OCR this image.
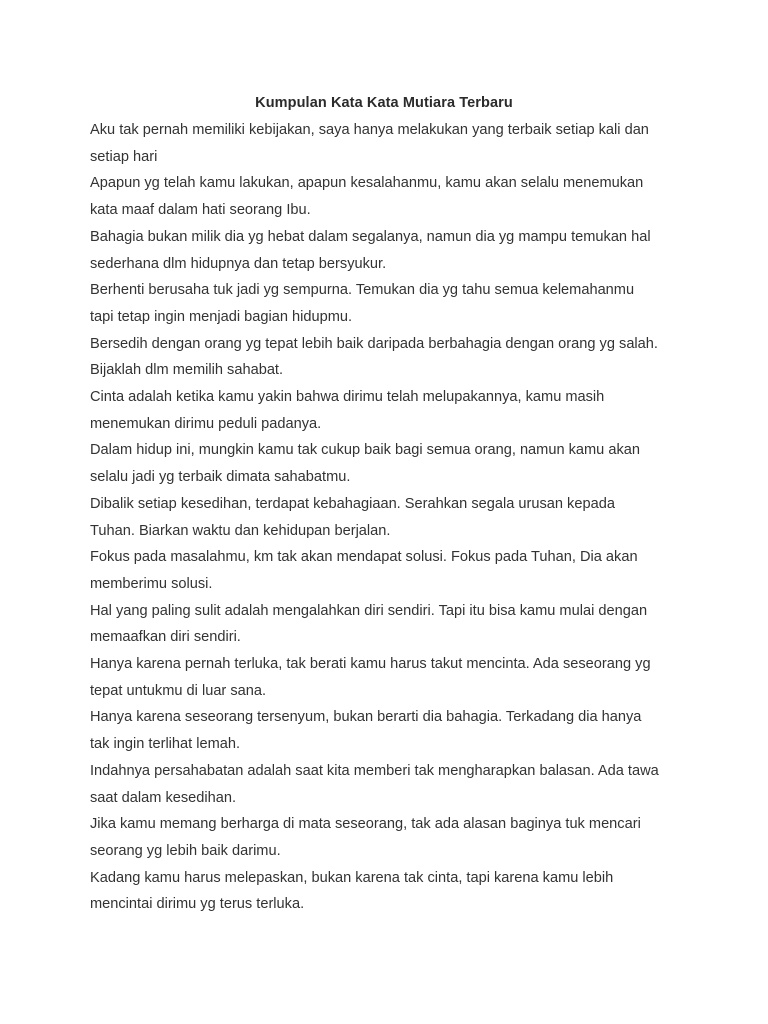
Kumpulan Kata Kata Mutiara Terbaru

Aku tak pernah memiliki kebijakan, saya hanya melakukan yang terbaik setiap kali dan
setiap hari

Apapun yg telah kamu lakukan, apapun kesalahanmu, kamu akan selalu menemukan
kata maaf dalam hati seorang Ibu.

Bahagia bukan milik dia yg hebat dalam segalanya, namun dia yg mampu temukan hal
sederhana dlm hidupnya dan tetap bersyukur.

Berhenti berusaha tuk jadi yg sempurna. Temukan dia yg tahu semua kelemahanmu
tapi tetap ingin menjadi bagian hidupmu.

Bersedih dengan orang yg tepat lebih baik daripada berbahagia dengan orang yg salah.
Bijaklah dlm memilih sahabat.

Cinta adalah ketika kamu yakin bahwa dirimu telah melupakannya, kamu masih
menemukan dirimu peduli padanya.

Dalam hidup ini, mungkin kamu tak cukup baik bagi semua orang, namun kamu akan
selalu jadi yg terbaik dimata sahabatmu.

Dibalik setiap kesedihan, terdapat kebahagiaan. Serahkan segala urusan kepada
Tuhan. Biarkan waktu dan kehidupan berjalan.

Fokus pada masalahmu, km tak akan mendapat solusi. Fokus pada Tuhan, Dia akan
memberimu solusi.

Hal yang paling sulit adalah mengalahkan diri sendiri. Tapi itu bisa kamu mulai dengan
memaafkan diri sendiri.

Hanya karena pernah terluka, tak berati kamu harus takut mencinta. Ada seseorang yg
tepat untukmu di luar sana.

Hanya karena seseorang tersenyum, bukan berarti dia bahagia. Terkadang dia hanya
tak ingin terlihat lemah.

Indahnya persahabatan adalah saat kita memberi tak mengharapkan balasan. Ada tawa
saat dalam kesedihan.

Jika kamu memang berharga di mata seseorang, tak ada alasan baginya tuk mencari
seorang yg lebih baik darimu.

Kadang kamu harus melepaskan, bukan karena tak cinta, tapi karena kamu lebih
mencintai dirimu yg terus terluka.
